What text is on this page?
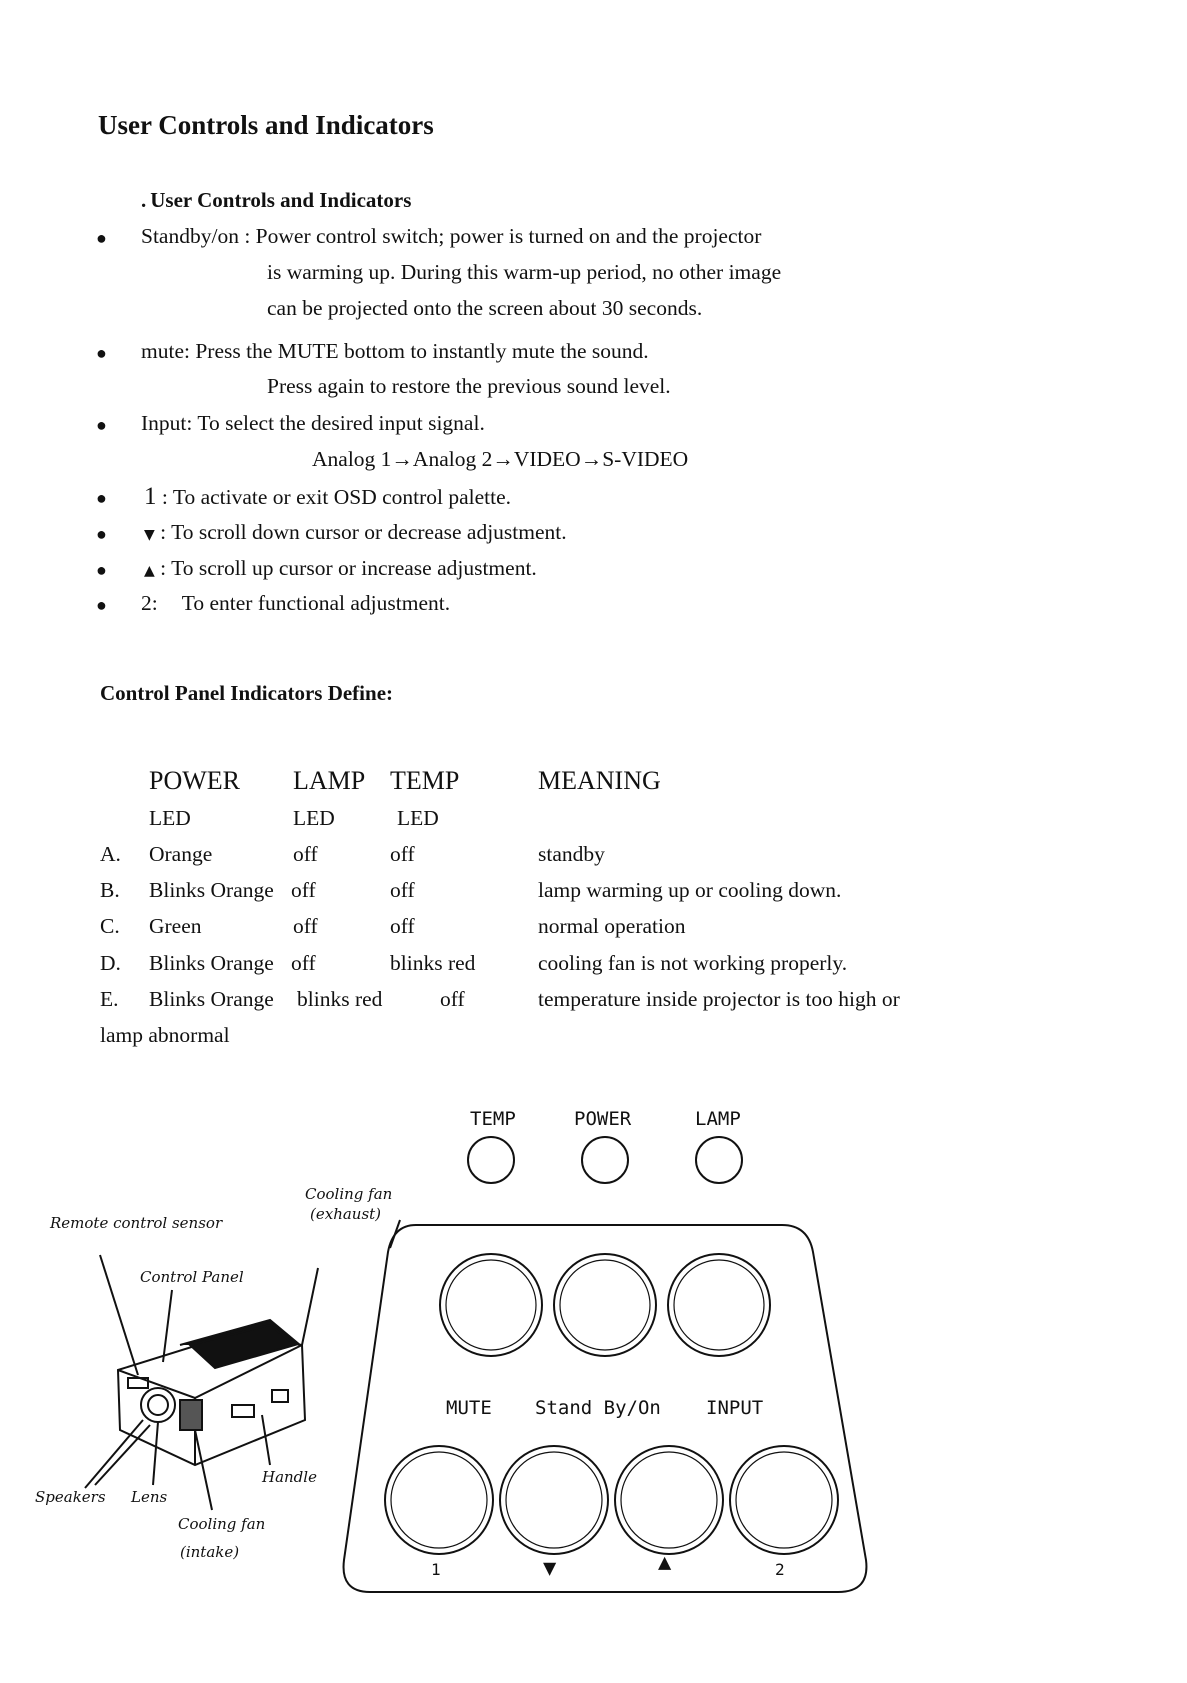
User Controls and Indicators
. User Controls and Indicators
● Standby/on : Power control switch; power is turned on and the projector
is warming up. During this warm-up period, no other image
can be projected onto the screen about 30 seconds.
● mute: Press the MUTE bottom to instantly mute the sound.
Press again to restore the previous sound level.
● Input: To select the desired input signal.
Analog 1→Analog 2→VIDEO→S-VIDEO
● 1 : To activate or exit OSD control palette.
●	▼ : To scroll down cursor or decrease adjustment.
●	▲ : To scroll up cursor or increase adjustment.
● 2: To enter functional adjustment.
Control Panel Indicators Define:
POWER LAMP TEMP	MEANING
LED	LED	LED
A. Orange	off	off	standby
B. Blinks Orange off	off	lamp warming up or cooling down.
C. Green	off	off	normal operation
D. Blinks Orange off	blinks red	cooling fan is not working properly.
E. Blinks Orange blinks red	off	temperature inside projector is too high or
lamp abnormal
TEMP	POWER	LAMP
MUTE Stand By/On INPUT
1	▼	▲	2
Remote control sensor
Control Panel
Cooling fan
(exhaust)
Speakers Lens
Handle
Cooling fan
(intake)
